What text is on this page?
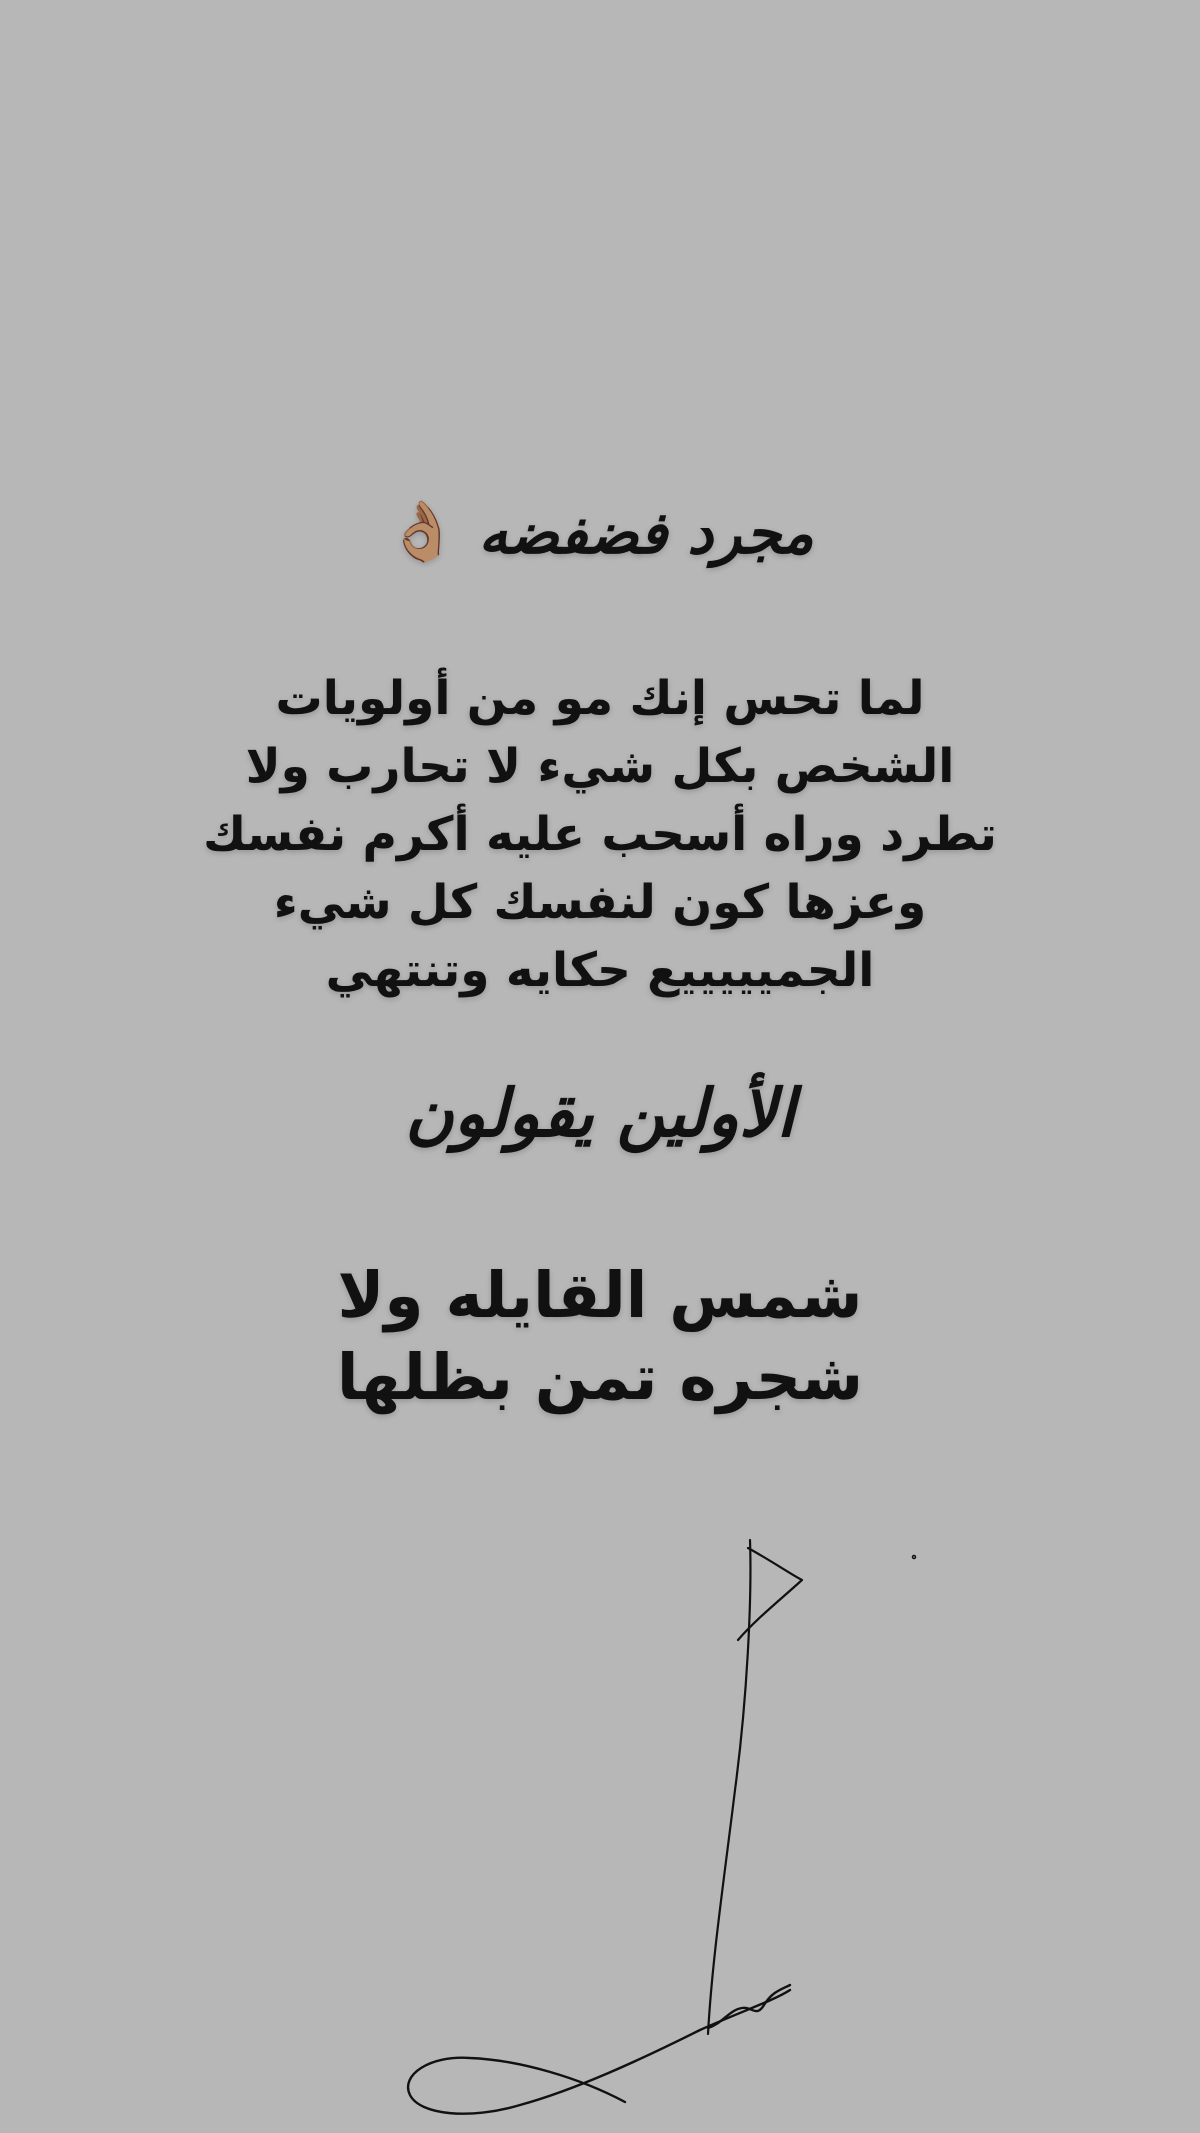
مجرد فضفضه
👌🏽
لما تحس إنك مو من أولويات
الشخص بكل شيء لا تحارب ولا
تطرد وراه أسحب عليه أكرم نفسك
وعزها كون لنفسك كل شيء
الجميييييع حكايه وتنتهي
الأولين يقولون
شمس القايله ولا
شجره تمن بظلها
